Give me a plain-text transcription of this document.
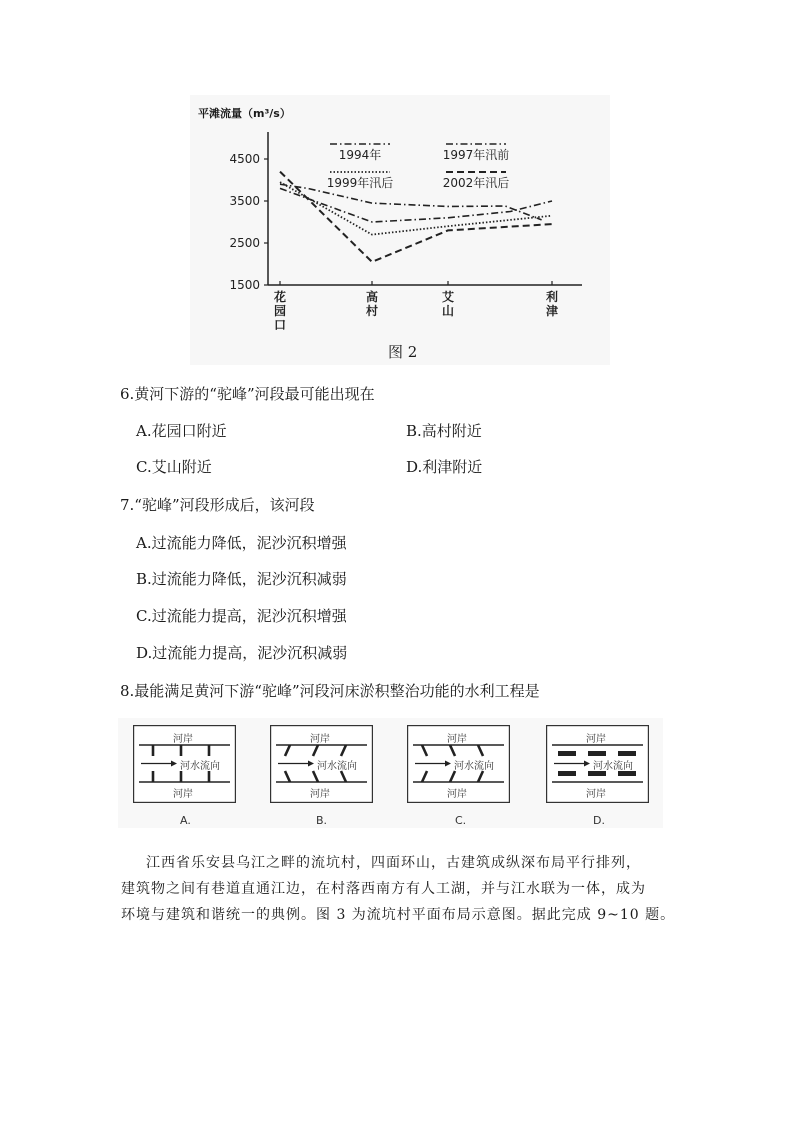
平滩流量（m³/s）
1500
2500
3500
4500
花园口
高村
艾山
利津
1994年	1997年汛前
1999年汛后	2002年汛后
图 2
6.黄河下游的“驼峰”河段最可能出现在
A.花园口附近	B.高村附近
C.艾山附近	D.利津附近
7.“驼峰”河段形成后，该河段
A.过流能力降低，泥沙沉积增强
B.过流能力降低，泥沙沉积减弱
C.过流能力提高，泥沙沉积增强
D.过流能力提高，泥沙沉积减弱
8.最能满足黄河下游“驼峰”河段河床淤积整治功能的水利工程是
河岸
河水流向
河岸
河岸
河水流向
河岸
河岸
河水流向
河岸
河岸
河水流向
河岸
A.	B.	C.	D.
江西省乐安县乌江之畔的流坑村，四面环山，古建筑成纵深布局平行排列，
建筑物之间有巷道直通江边，在村落西南方有人工湖，并与江水联为一体，成为
环境与建筑和谐统一的典例。图 3 为流坑村平面布局示意图。据此完成 9~10 题。
